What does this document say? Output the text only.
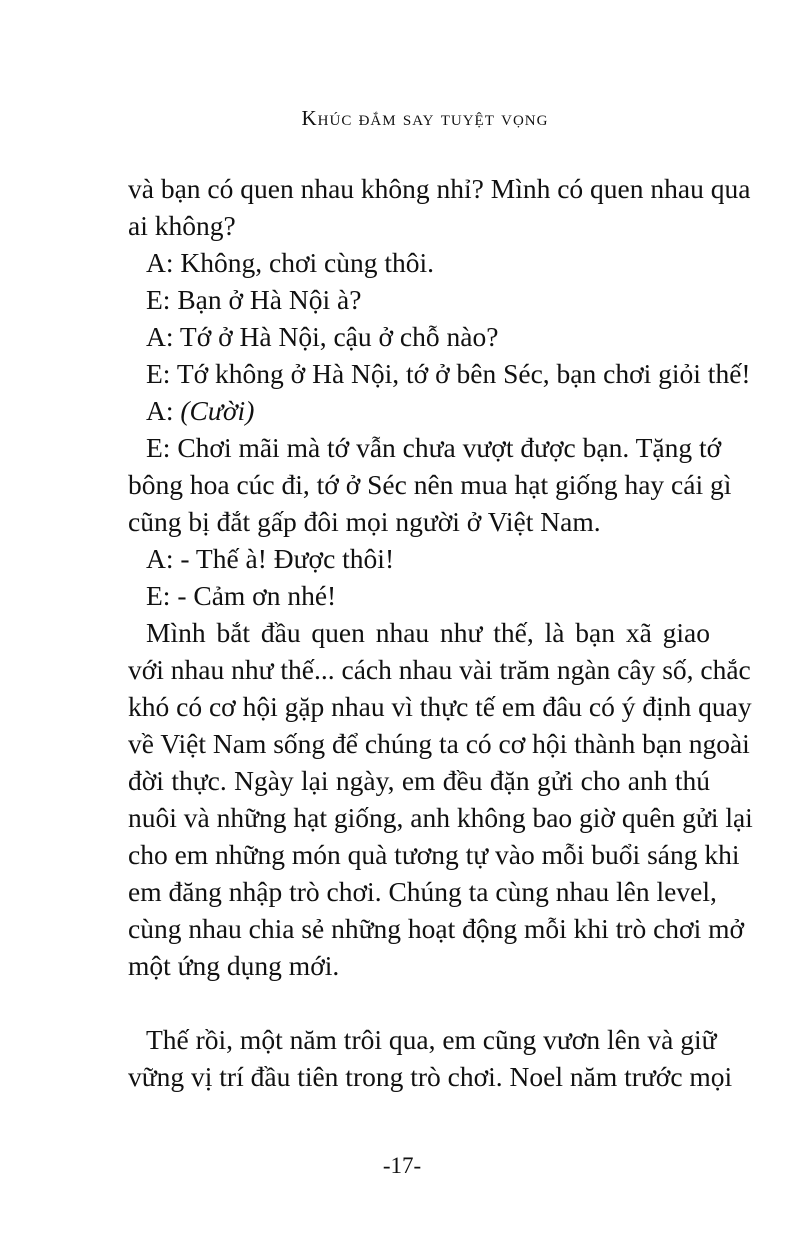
Khúc đắm say tuyệt vọng
và bạn có quen nhau không nhỉ? Mình có quen nhau qua
ai không?
A: Không, chơi cùng thôi.
E: Bạn ở Hà Nội à?
A: Tớ ở Hà Nội, cậu ở chỗ nào?
E: Tớ không ở Hà Nội, tớ ở bên Séc, bạn chơi giỏi thế!
A: (Cười)
E: Chơi mãi mà tớ vẫn chưa vượt được bạn. Tặng tớ
bông hoa cúc đi, tớ ở Séc nên mua hạt giống hay cái gì
cũng bị đắt gấp đôi mọi người ở Việt Nam.
A: - Thế à! Được thôi!
E: - Cảm ơn nhé!
Mình bắt đầu quen nhau như thế, là bạn xã giao
với nhau như thế... cách nhau vài trăm ngàn cây số, chắc
khó có cơ hội gặp nhau vì thực tế em đâu có ý định quay
về Việt Nam sống để chúng ta có cơ hội thành bạn ngoài
đời thực. Ngày lại ngày, em đều đặn gửi cho anh thú
nuôi và những hạt giống, anh không bao giờ quên gửi lại
cho em những món quà tương tự vào mỗi buổi sáng khi
em đăng nhập trò chơi. Chúng ta cùng nhau lên level,
cùng nhau chia sẻ những hoạt động mỗi khi trò chơi mở
một ứng dụng mới.
Thế rồi, một năm trôi qua, em cũng vươn lên và giữ
vững vị trí đầu tiên trong trò chơi. Noel năm trước mọi
-17-
